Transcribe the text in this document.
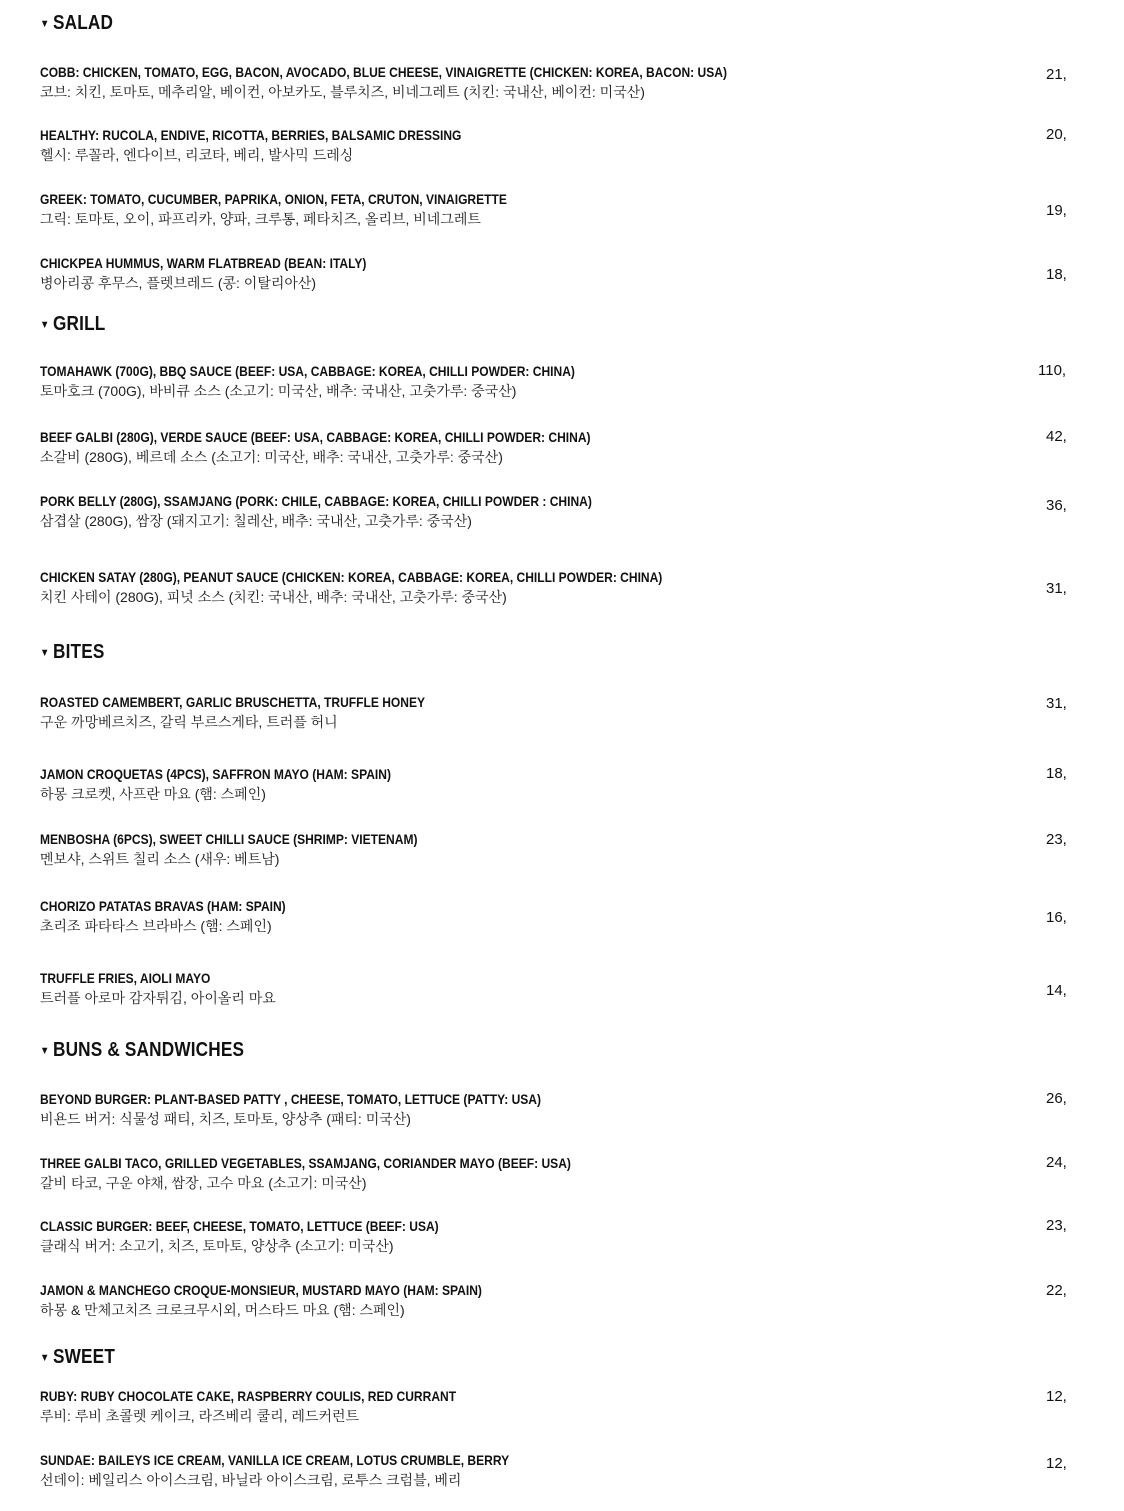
▼ SALAD
COBB: CHICKEN, TOMATO, EGG, BACON, AVOCADO, BLUE CHEESE, VINAIGRETTE (CHICKEN: KOREA, BACON: USA)
코브: 치킨, 토마토, 메추리알, 베이컨, 아보카도, 블루치즈, 비네그레트 (치킨: 국내산, 베이컨: 미국산)
21,
HEALTHY: RUCOLA, ENDIVE, RICOTTA, BERRIES, BALSAMIC DRESSING
헬시: 루꼴라, 엔다이브, 리코타, 베리, 발사믹 드레싱
20,
GREEK: TOMATO, CUCUMBER, PAPRIKA, ONION, FETA, CRUTON, VINAIGRETTE
그릭: 토마토, 오이, 파프리카, 양파, 크루통, 페타치즈, 올리브, 비네그레트	19,
CHICKPEA HUMMUS, WARM FLATBREAD (BEAN: ITALY)
병아리콩 후무스, 플렛브레드 (콩: 이탈리아산)	18,
▼ GRILL
TOMAHAWK (700G), BBQ SAUCE (BEEF: USA, CABBAGE: KOREA, CHILLI POWDER: CHINA)
토마호크 (700G), 바비큐 소스 (소고기: 미국산, 배추: 국내산, 고춧가루: 중국산)
110,
BEEF GALBI (280G), VERDE SAUCE (BEEF: USA, CABBAGE: KOREA, CHILLI POWDER: CHINA)
소갈비 (280G), 베르데 소스 (소고기: 미국산, 배추: 국내산, 고춧가루: 중국산)
42,
PORK BELLY (280G), SSAMJANG (PORK: CHILE, CABBAGE: KOREA, CHILLI POWDER : CHINA)
삼겹살 (280G), 쌈장 (돼지고기: 칠레산, 배추: 국내산, 고춧가루: 중국산)
36,
CHICKEN SATAY (280G), PEANUT SAUCE (CHICKEN: KOREA, CABBAGE: KOREA, CHILLI POWDER: CHINA)
치킨 사테이 (280G), 피넛 소스 (치킨: 국내산, 배추: 국내산, 고춧가루: 중국산)	31,
▼ BITES
ROASTED CAMEMBERT, GARLIC BRUSCHETTA, TRUFFLE HONEY
구운 까망베르치즈, 갈릭 부르스게타, 트러플 허니
31,
JAMON CROQUETAS (4PCS), SAFFRON MAYO (HAM: SPAIN)
하몽 크로켓, 사프란 마요 (햄: 스페인)
18,
MENBOSHA (6PCS), SWEET CHILLI SAUCE (SHRIMP: VIETENAM)
멘보샤, 스위트 칠리 소스 (새우: 베트남)
23,
CHORIZO PATATAS BRAVAS (HAM: SPAIN)
초리조 파타타스 브라바스 (햄: 스페인)	16,
TRUFFLE FRIES, AIOLI MAYO
트러플 아로마 감자튀김, 아이올리 마요	14,
▼ BUNS & SANDWICHES
BEYOND BURGER: PLANT-BASED PATTY , CHEESE, TOMATO, LETTUCE (PATTY: USA)
비욘드 버거: 식물성 패티, 치즈, 토마토, 양상추 (패티: 미국산)
26,
THREE GALBI TACO, GRILLED VEGETABLES, SSAMJANG, CORIANDER MAYO (BEEF: USA)
갈비 타코, 구운 야채, 쌈장, 고수 마요 (소고기: 미국산)
24,
CLASSIC BURGER: BEEF, CHEESE, TOMATO, LETTUCE (BEEF: USA)
클래식 버거: 소고기, 치즈, 토마토, 양상추 (소고기: 미국산)
23,
JAMON & MANCHEGO CROQUE-MONSIEUR, MUSTARD MAYO (HAM: SPAIN)
하몽 & 만체고치즈 크로크무시외, 머스타드 마요 (햄: 스페인)
22,
▼ SWEET
RUBY: RUBY CHOCOLATE CAKE, RASPBERRY COULIS, RED CURRANT
루비: 루비 초콜렛 케이크, 라즈베리 쿨리, 레드커런트
12,
SUNDAE: BAILEYS ICE CREAM, VANILLA ICE CREAM, LOTUS CRUMBLE, BERRY
선데이: 베일리스 아이스크림, 바닐라 아이스크림, 로투스 크럼블, 베리
12,
